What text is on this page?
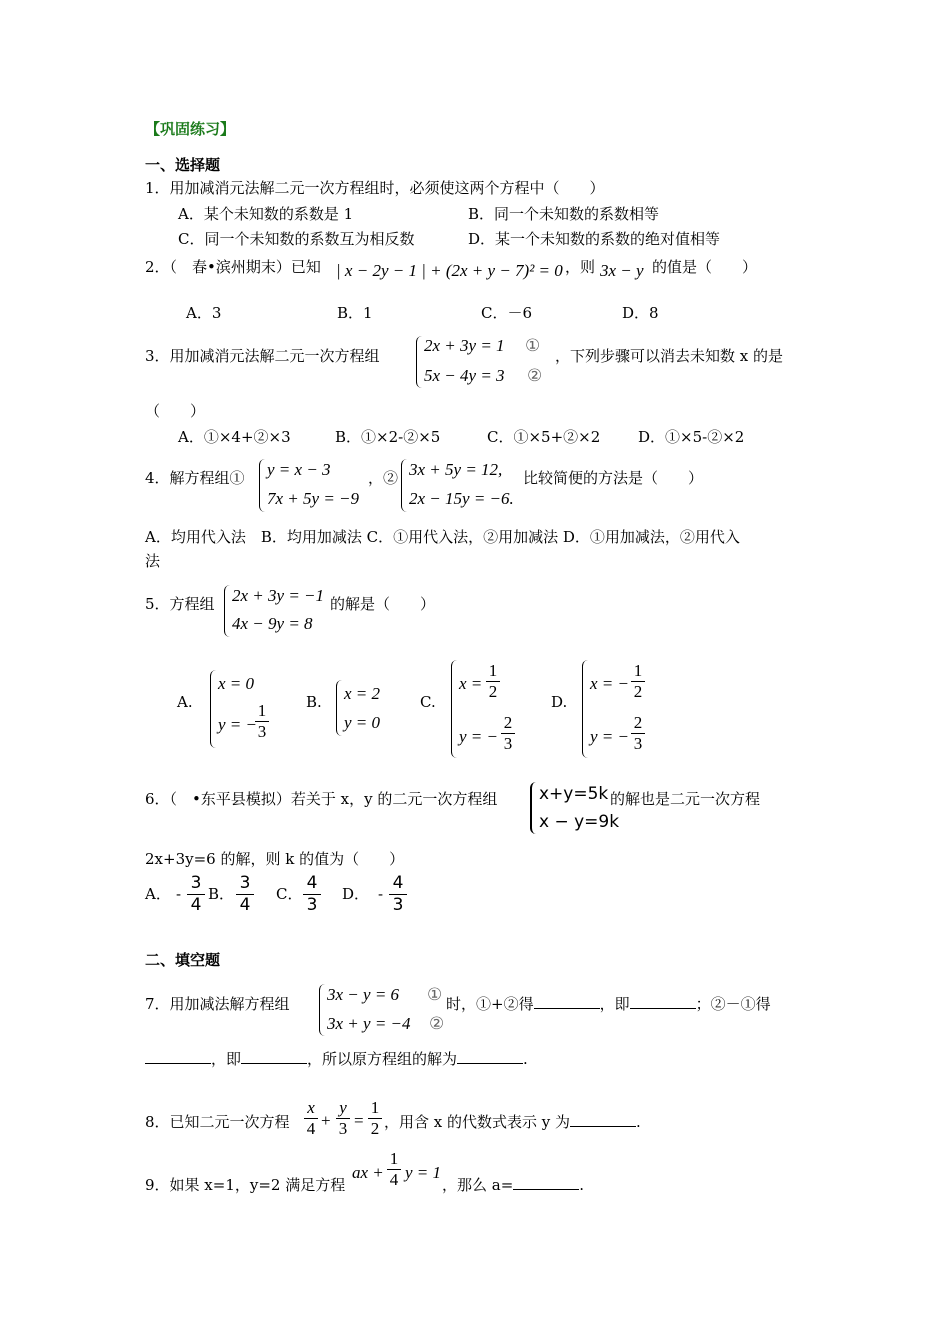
【巩固练习】
一、选择题
1．用加减消元法解二元一次方程组时，必须使这两个方程中（　　）
A．某个未知数的系数是 1	B．同一个未知数的系数相等
C．同一个未知数的系数互为相反数	D．某一个未知数的系数的绝对值相等
2．（　春•滨州期末）已知 | x − 2y − 1 | + (2x + y − 7)² = 0 ，则 3x − y 的值是（　　）
A．3	B．1	C．－6	D．8
3．用加减消元法解二元一次方程组
2x + 3y = 1 ①
5x − 4y = 3 ②
，下列步骤可以消去未知数 x 的是
（　　）
A．①×4+②×3	B．①×2-②×5	C．①×5+②×2	D．①×5-②×2
4．解方程组① y = x − 3
7x + 5y = −9
，② 3x + 5y = 12,
2x − 15y = −6.
比较简便的方法是（　　）
A．均用代入法　B．均用加减法 C．①用代入法，②用加减法 D．①用加减法，②用代入
法
5．方程组 2x + 3y = −1
4x − 9y = 8
的解是（　　）
A.
x = 0
y = −
1
3
B. x = 2
y = 0
C.
x =
1
2
y = −
2
3
D.
x = −
1
2
y = −
2
3
6．（　•东平县模拟）若关于 x，y 的二元一次方程组 x+y=5k
x − y=9k
的解也是二元一次方程
2x+3y=6 的解，则 k 的值为（　　）
A． -
3
4
B．
3
4
C．
4
3
D． -
4
3
二、填空题
7．用加减法解方程组 3x − y = 6 ①
3x + y = −4 ②
时，①+②得	，即	；②－①得
，即	，所以原方程组的解为	.
8．已知二元一次方程
x
4 +
y
3 =
1
2 ，用含 x 的代数式表示 y 为	.
9．如果 x=1，y=2 满足方程
ax +
1
4 y = 1
，那么 a=	.
